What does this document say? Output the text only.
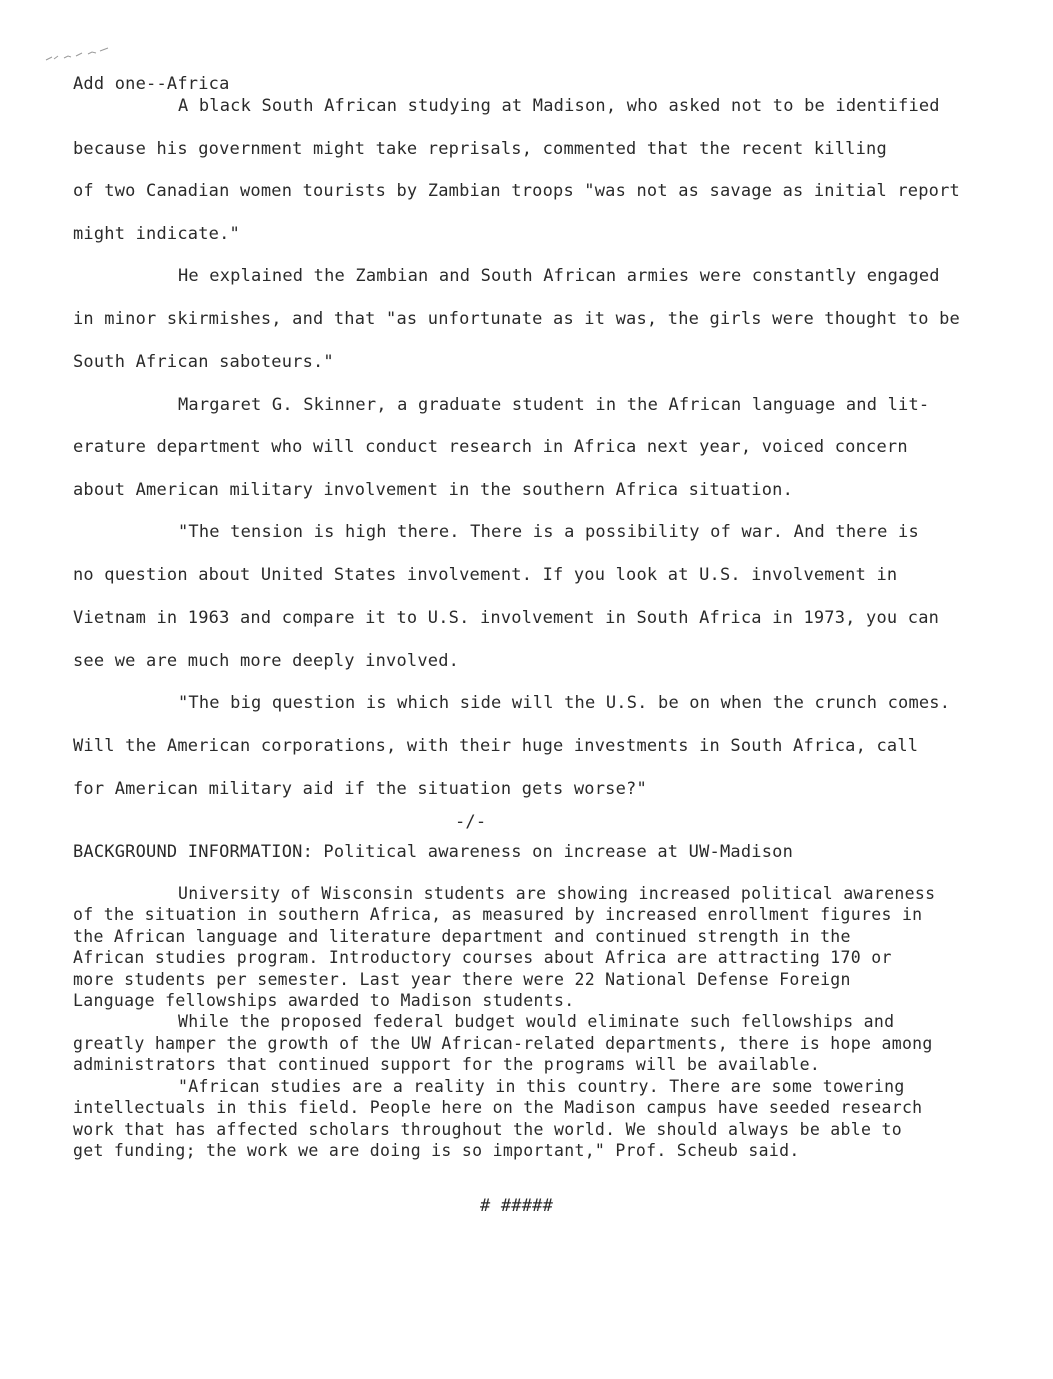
Add one--Africa
A black South African studying at Madison, who asked not to be identified
because his government might take reprisals, commented that the recent killing
of two Canadian women tourists by Zambian troops "was not as savage as initial report
might indicate."
He explained the Zambian and South African armies were constantly engaged
in minor skirmishes, and that "as unfortunate as it was, the girls were thought to be
South African saboteurs."
Margaret G. Skinner, a graduate student in the African language and lit-
erature department who will conduct research in Africa next year, voiced concern
about American military involvement in the southern Africa situation.
"The tension is high there. There is a possibility of war. And there is
no question about United States involvement. If you look at U.S. involvement in
Vietnam in 1963 and compare it to U.S. involvement in South Africa in 1973, you can
see we are much more deeply involved.
"The big question is which side will the U.S. be on when the crunch comes.
Will the American corporations, with their huge investments in South Africa, call
for American military aid if the situation gets worse?"
-/-
BACKGROUND INFORMATION: Political awareness on increase at UW-Madison
University of Wisconsin students are showing increased political awareness
of the situation in southern Africa, as measured by increased enrollment figures in
the African language and literature department and continued strength in the
African studies program. Introductory courses about Africa are attracting 170 or
more students per semester. Last year there were 22 National Defense Foreign
Language fellowships awarded to Madison students.
While the proposed federal budget would eliminate such fellowships and
greatly hamper the growth of the UW African-related departments, there is hope among
administrators that continued support for the programs will be available.
"African studies are a reality in this country. There are some towering
intellectuals in this field. People here on the Madison campus have seeded research
work that has affected scholars throughout the world. We should always be able to
get funding; the work we are doing is so important," Prof. Scheub said.
# #####
